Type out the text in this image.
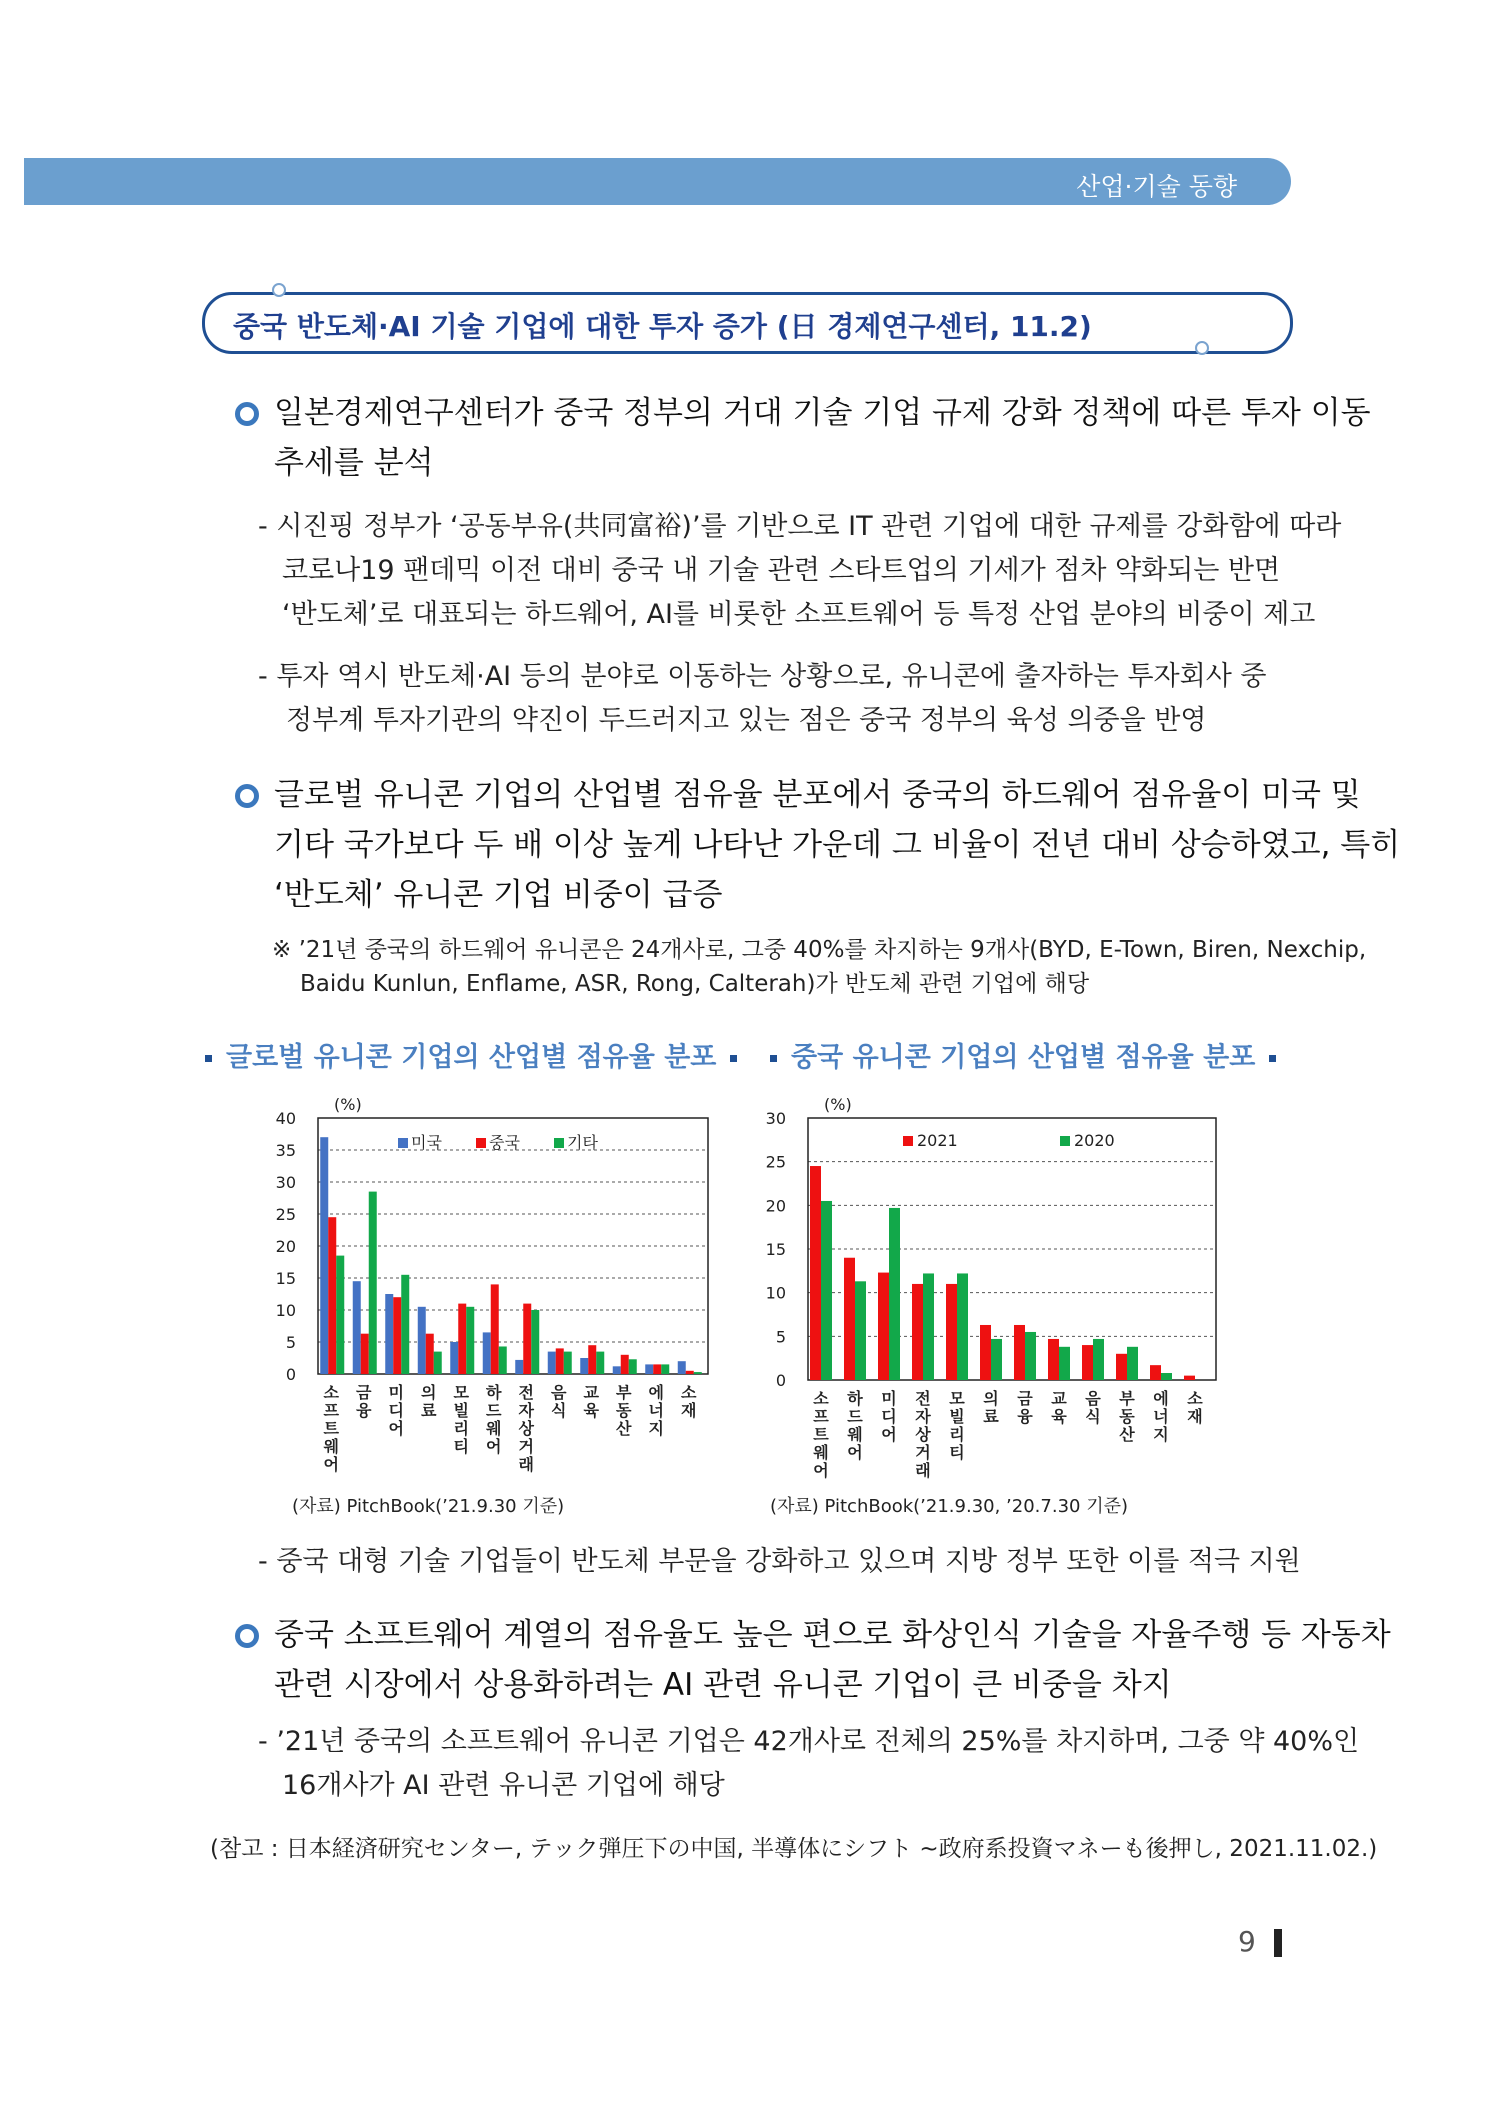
산업·기술 동향
중국 반도체·AI 기술 기업에 대한 투자 증가 (日 경제연구센터, 11.2)
일본경제연구센터가 중국 정부의 거대 기술 기업 규제 강화 정책에 따른 투자 이동
추세를 분석
- 시진핑 정부가 ‘공동부유(共同富裕)’를 기반으로 IT 관련 기업에 대한 규제를 강화함에 따라
코로나19 팬데믹 이전 대비 중국 내 기술 관련 스타트업의 기세가 점차 약화되는 반면
‘반도체’로 대표되는 하드웨어, AI를 비롯한 소프트웨어 등 특정 산업 분야의 비중이 제고
- 투자 역시 반도체·AI 등의 분야로 이동하는 상황으로, 유니콘에 출자하는 투자회사 중
정부계 투자기관의 약진이 두드러지고 있는 점은 중국 정부의 육성 의중을 반영
글로벌 유니콘 기업의 산업별 점유율 분포에서 중국의 하드웨어 점유율이 미국 및
기타 국가보다 두 배 이상 높게 나타난 가운데 그 비율이 전년 대비 상승하였고, 특히
‘반도체’ 유니콘 기업 비중이 급증
※ ’21년 중국의 하드웨어 유니콘은 24개사로, 그중 40%를 차지하는 9개사(BYD, E-Town, Biren, Nexchip,
Baidu Kunlun, Enflame, ASR, Rong, Calterah)가 반도체 관련 기업에 해당
글로벌 유니콘 기업의 산업별 점유율 분포	중국 유니콘 기업의 산업별 점유율 분포
0
5
10
15
20
25
30
35
40
(%)
소
프
트
웨
어
금
융
미
디
어
의
료
모
빌
리
티
하
드
웨
어
전
자
상
거
래
음
식
교
육
부
동
산
에
너
지
소
재
미국	중국	기타
0
5
10
15
20
25
30
(%)
소
프
트
웨
어
하
드
웨
어
미
디
어
전
자
상
거
래
모
빌
리
티
의
료
금
융
교
육
음
식
부
동
산
에
너
지
소
재
2021	2020
(자료) PitchBook(’21.9.30 기준)	(자료) PitchBook(’21.9.30, ’20.7.30 기준)
- 중국 대형 기술 기업들이 반도체 부문을 강화하고 있으며 지방 정부 또한 이를 적극 지원
중국 소프트웨어 계열의 점유율도 높은 편으로 화상인식 기술을 자율주행 등 자동차
관련 시장에서 상용화하려는 AI 관련 유니콘 기업이 큰 비중을 차지
- ’21년 중국의 소프트웨어 유니콘 기업은 42개사로 전체의 25%를 차지하며, 그중 약 40%인
16개사가 AI 관련 유니콘 기업에 해당
(참고 : 日本経済研究センター, テック弾圧下の中国, 半導体にシフト ~政府系投資マネーも後押し, 2021.11.02.)
9
